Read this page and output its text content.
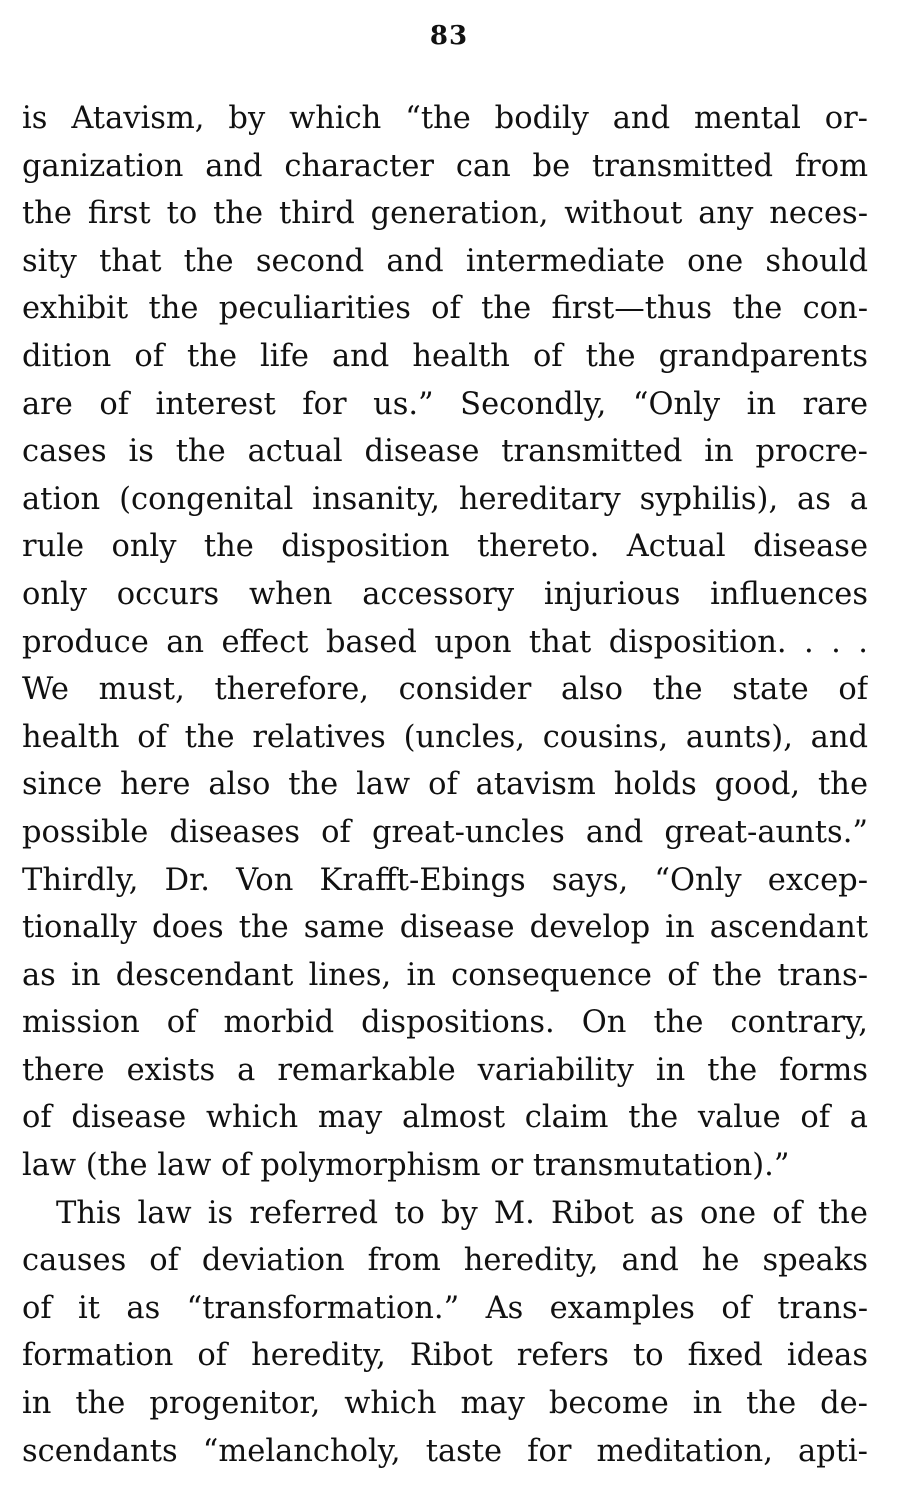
83
is Atavism, by which “the bodily and mental or-
ganization and character can be transmitted from
the first to the third generation, without any neces-
sity that the second and intermediate one should
exhibit the peculiarities of the first—thus the con-
dition of the life and health of the grandparents
are of interest for us.” Secondly, “Only in rare
cases is the actual disease transmitted in procre-
ation (congenital insanity, hereditary syphilis), as a
rule only the disposition thereto. Actual disease
only occurs when accessory injurious influences
produce an effect based upon that disposition. . . .
We must, therefore, consider also the state of
health of the relatives (uncles, cousins, aunts), and
since here also the law of atavism holds good, the
possible diseases of great-uncles and great-aunts.”
Thirdly, Dr. Von Krafft-Ebings says, “Only excep-
tionally does the same disease develop in ascendant
as in descendant lines, in consequence of the trans-
mission of morbid dispositions. On the contrary,
there exists a remarkable variability in the forms
of disease which may almost claim the value of a
law (the law of polymorphism or transmutation).”
This law is referred to by M. Ribot as one of the
causes of deviation from heredity, and he speaks
of it as “transformation.” As examples of trans-
formation of heredity, Ribot refers to fixed ideas
in the progenitor, which may become in the de-
scendants “melancholy, taste for meditation, apti-
